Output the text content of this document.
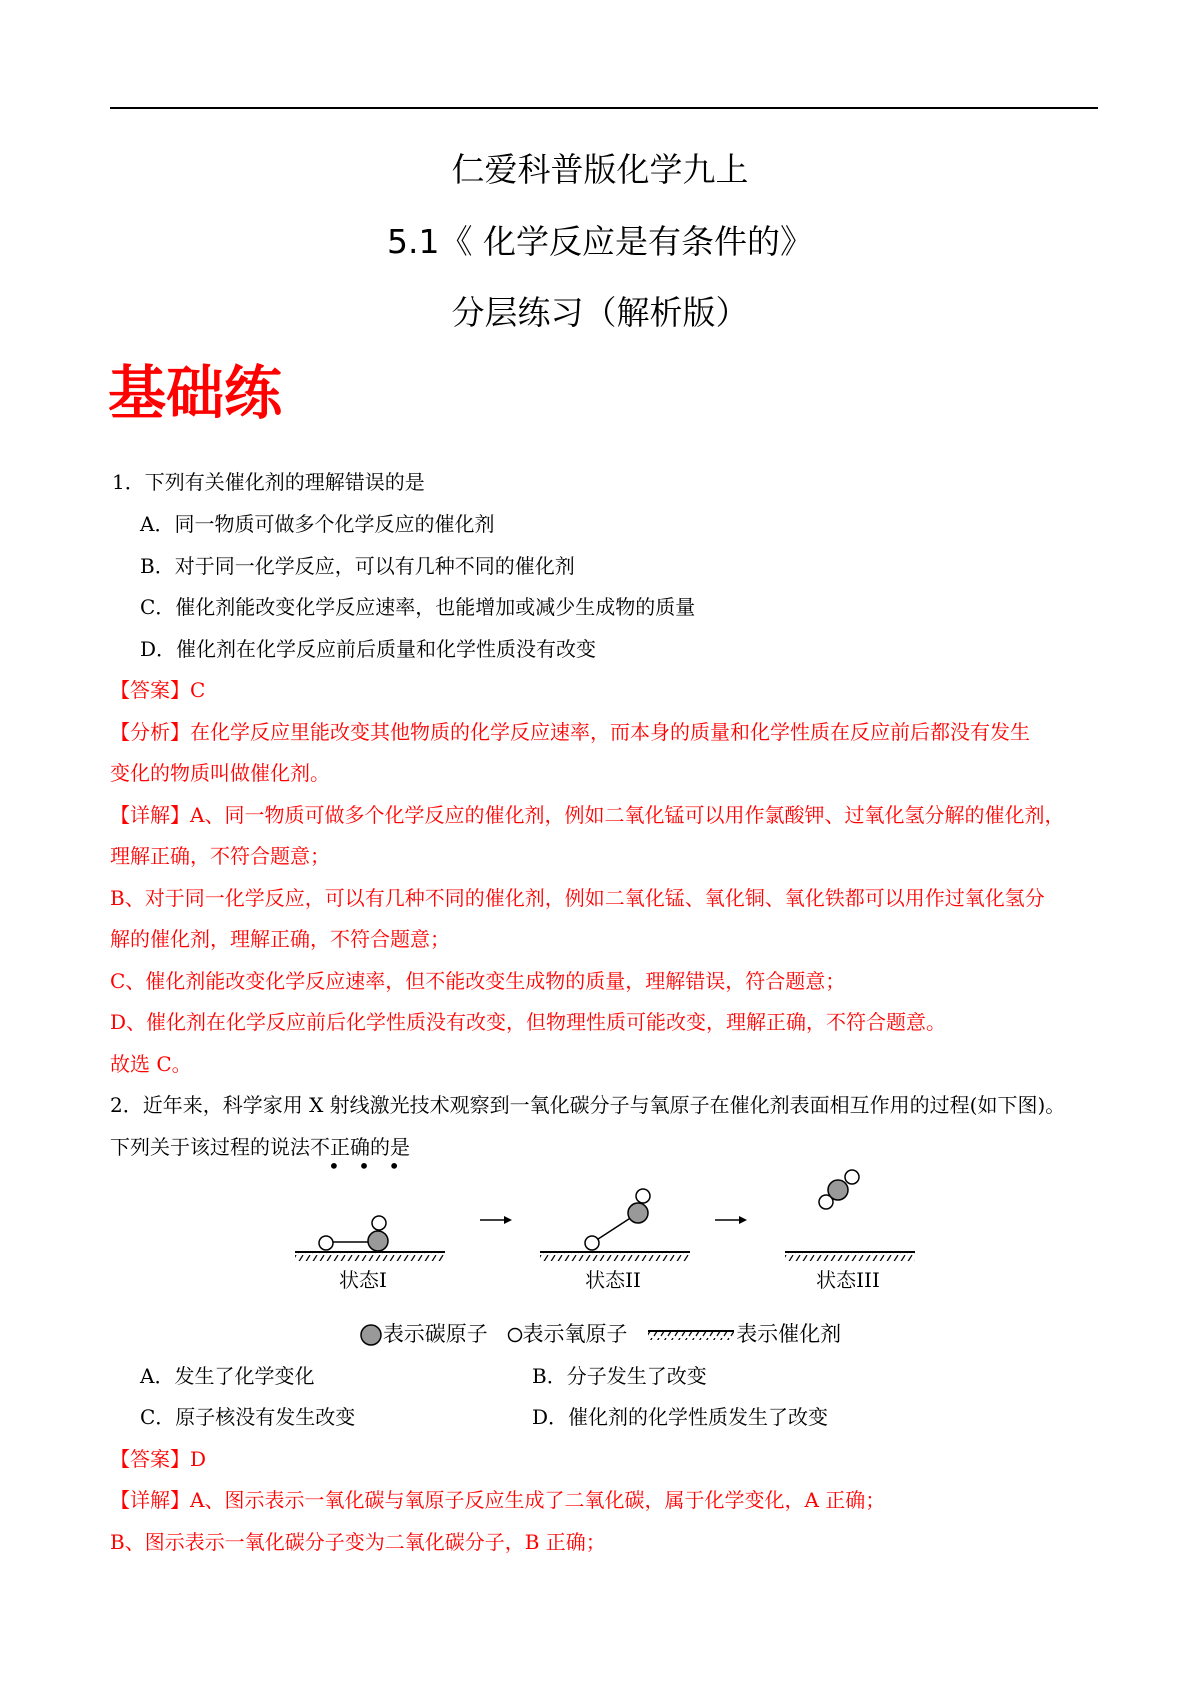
仁爱科普版化学九上
5.1《 化学反应是有条件的》
分层练习（解析版）
基础练
1．下列有关催化剂的理解错误的是
A．同一物质可做多个化学反应的催化剂
B．对于同一化学反应，可以有几种不同的催化剂
C．催化剂能改变化学反应速率，也能增加或减少生成物的质量
D．催化剂在化学反应前后质量和化学性质没有改变
【答案】C
【分析】在化学反应里能改变其他物质的化学反应速率，而本身的质量和化学性质在反应前后都没有发生
变化的物质叫做催化剂。
【详解】A、同一物质可做多个化学反应的催化剂，例如二氧化锰可以用作氯酸钾、过氧化氢分解的催化剂，
理解正确，不符合题意；
B、对于同一化学反应，可以有几种不同的催化剂，例如二氧化锰、氧化铜、氧化铁都可以用作过氧化氢分
解的催化剂，理解正确，不符合题意；
C、催化剂能改变化学反应速率，但不能改变生成物的质量，理解错误，符合题意；
D、催化剂在化学反应前后化学性质没有改变，但物理性质可能改变，理解正确，不符合题意。
故选 C。
2．近年来，科学家用 X 射线激光技术观察到一氧化碳分子与氧原子在催化剂表面相互作用的过程(如下图)。
下列关于该过程的说法不正确的是
• • •
状态I	状态II	状态III
表示碳原子 表示氧原子	表示催化剂
A．发生了化学变化	B．分子发生了改变
C．原子核没有发生改变	D．催化剂的化学性质发生了改变
【答案】D
【详解】A、图示表示一氧化碳与氧原子反应生成了二氧化碳，属于化学变化，A 正确；
B、图示表示一氧化碳分子变为二氧化碳分子，B 正确；
